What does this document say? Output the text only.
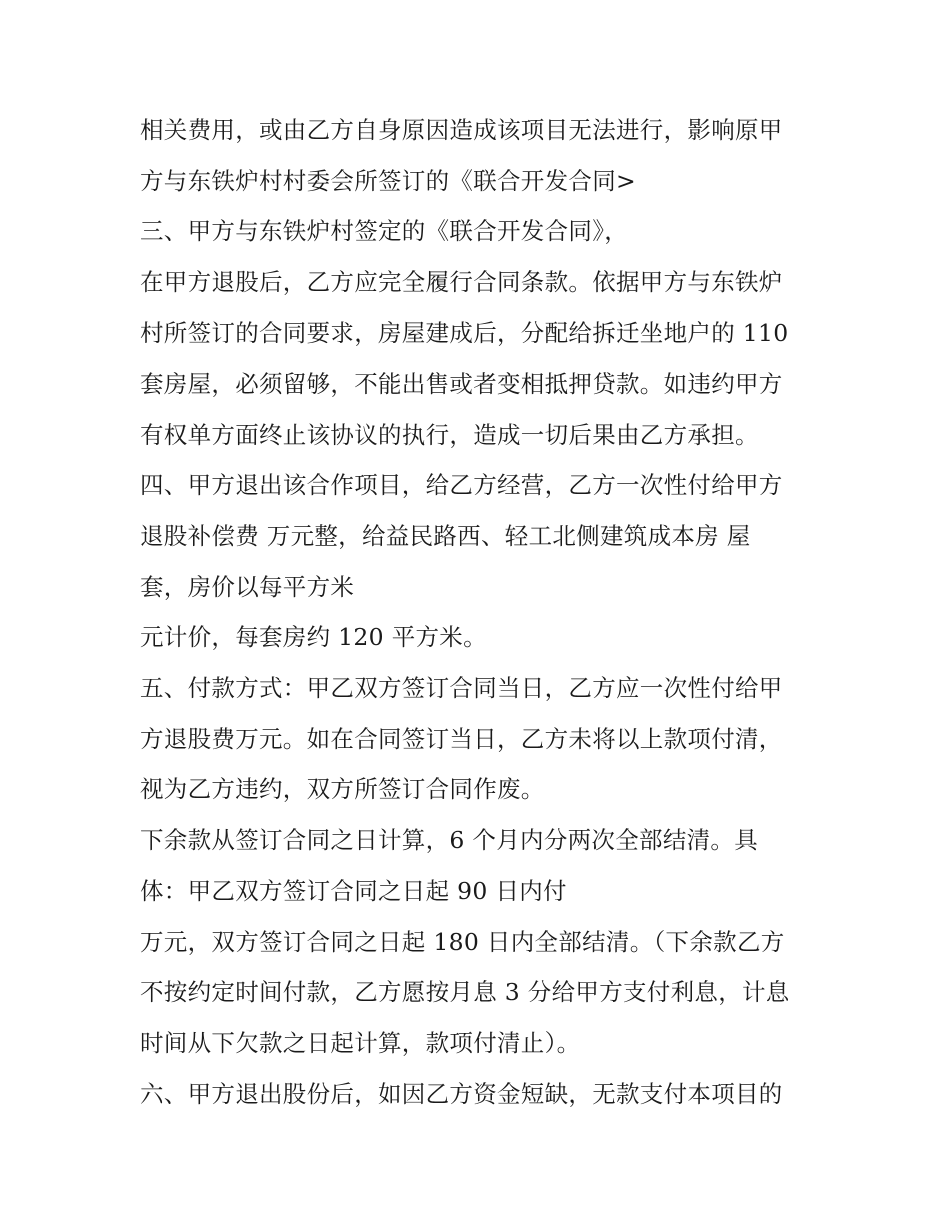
相关费用，或由乙方自身原因造成该项目无法进行，影响原甲
方与东铁炉村村委会所签订的《联合开发合同>
三、甲方与东铁炉村签定的《联合开发合同》，
在甲方退股后，乙方应完全履行合同条款。依据甲方与东铁炉
村所签订的合同要求，房屋建成后，分配给拆迁坐地户的 110
套房屋，必须留够，不能出售或者变相抵押贷款。如违约甲方
有权单方面终止该协议的执行，造成一切后果由乙方承担。
四、甲方退出该合作项目，给乙方经营，乙方一次性付给甲方
退股补偿费 万元整，给益民路西、轻工北侧建筑成本房 屋
套，房价以每平方米
元计价，每套房约 120 平方米。
五、付款方式：甲乙双方签订合同当日，乙方应一次性付给甲
方退股费万元。如在合同签订当日，乙方未将以上款项付清，
视为乙方违约，双方所签订合同作废。
下余款从签订合同之日计算，6 个月内分两次全部结清。具
体：甲乙双方签订合同之日起 90 日内付
万元，双方签订合同之日起 180 日内全部结清。（下余款乙方
不按约定时间付款，乙方愿按月息 3 分给甲方支付利息，计息
时间从下欠款之日起计算，款项付清止）。
六、甲方退出股份后，如因乙方资金短缺，无款支付本项目的
